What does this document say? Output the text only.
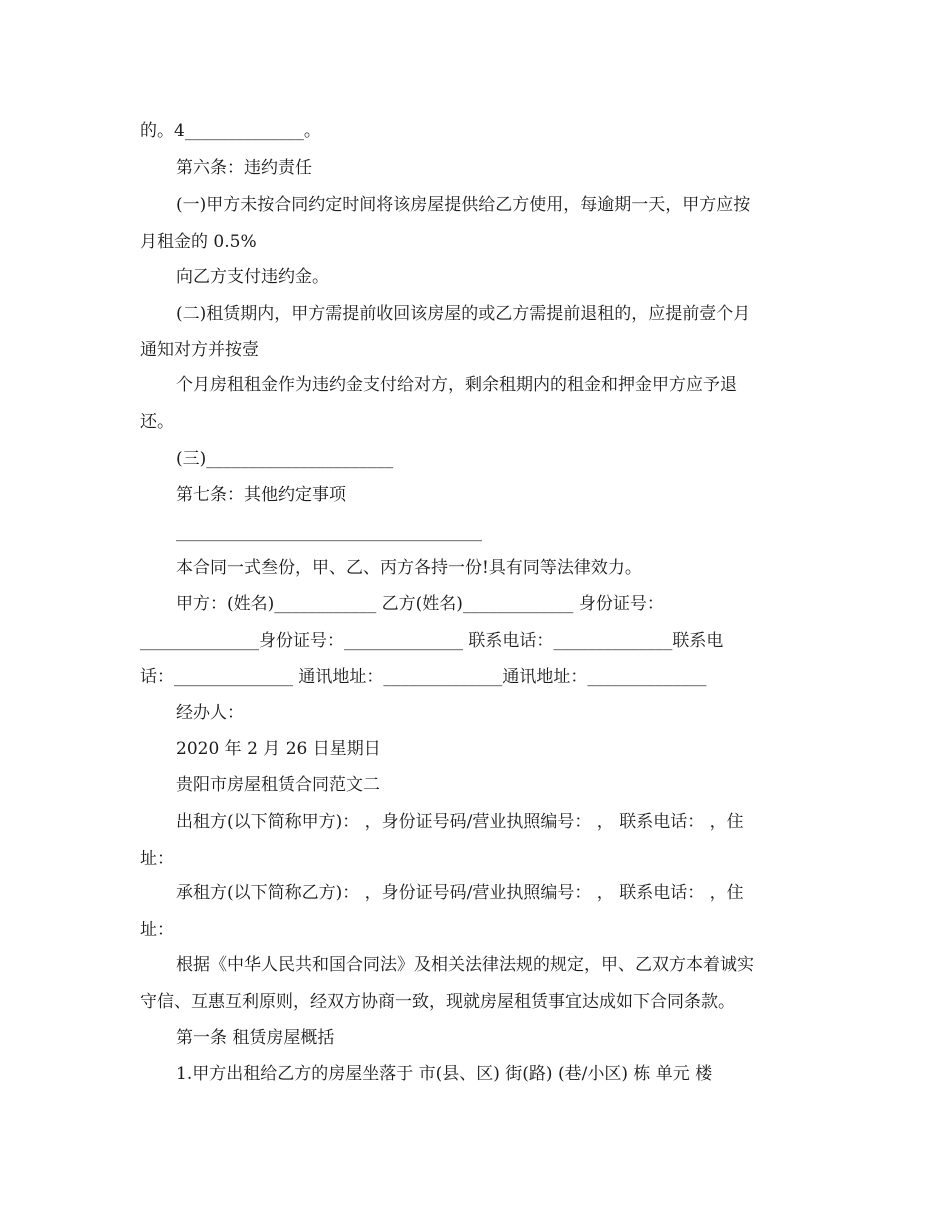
的。4______________。
第六条：违约责任
(一)甲方未按合同约定时间将该房屋提供给乙方使用，每逾期一天，甲方应按
月租金的 0.5%
向乙方支付违约金。
(二)租赁期内，甲方需提前收回该房屋的或乙方需提前退租的，应提前壹个月
通知对方并按壹
个月房租租金作为违约金支付给对方，剩余租期内的租金和押金甲方应予退
还。
(三)______________________
第七条：其他约定事项
____________________________________
本合同一式叁份，甲、乙、丙方各持一份!具有同等法律效力。
甲方：(姓名)____________ 乙方(姓名)_____________ 身份证号：
______________身份证号：______________ 联系电话：______________联系电
话：______________ 通讯地址：______________通讯地址：______________
经办人：
2020 年 2 月 26 日星期日
贵阳市房屋租赁合同范文二
出租方(以下简称甲方)： ，身份证号码/营业执照编号： ， 联系电话： ，住
址：
承租方(以下简称乙方)： ，身份证号码/营业执照编号： ， 联系电话： ，住
址：
根据《中华人民共和国合同法》及相关法律法规的规定，甲、乙双方本着诚实
守信、互惠互利原则，经双方协商一致，现就房屋租赁事宜达成如下合同条款。
第一条 租赁房屋概括
1.甲方出租给乙方的房屋坐落于 市(县、区) 街(路) (巷/小区) 栋 单元 楼
